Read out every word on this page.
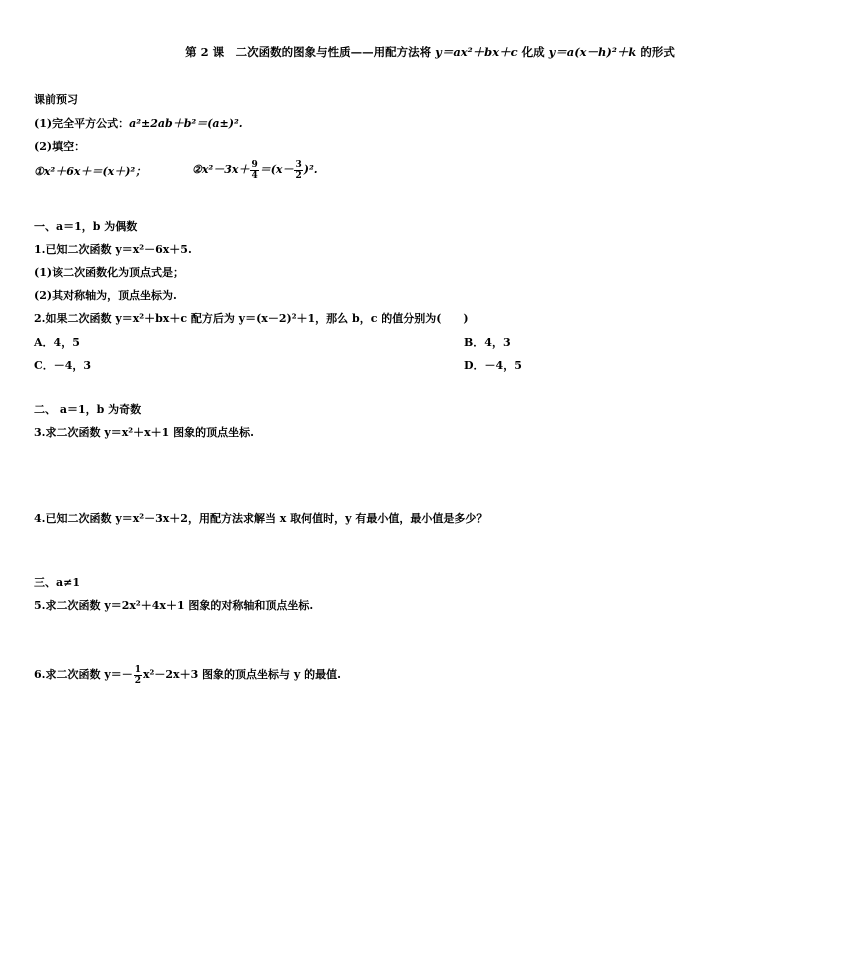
第 2 课　二次函数的图象与性质——用配方法将 y＝ax²＋bx＋c 化成 y＝a(x－h)²＋k 的形式
课前预习
(1)完全平方公式：a²±2ab＋b²＝(a±)².
(2)填空：
①x²＋6x＋＝(x＋)²；	②x²－3x＋ $\frac{9}{4} =(x- \frac{3}{2} )^2$.
一、a＝1，b 为偶数
1.已知二次函数 y＝x²－6x＋5.
(1)该二次函数化为顶点式是；
(2)其对称轴为，顶点坐标为.
2.如果二次函数 y＝x²＋bx＋c 配方后为 y＝(x－2)²＋1，那么 b，c 的值分别为(　　)
A．4，5	B．4，3
C．－4，3	D．－4，5
二、 a＝1，b 为奇数
3.求二次函数 y＝x²＋x＋1 图象的顶点坐标.
4.已知二次函数 y＝x²－3x＋2，用配方法求解当 x 取何值时，y 有最小值，最小值是多少？
三、a≠1
5.求二次函数 y＝2x²＋4x＋1 图象的对称轴和顶点坐标.
6.求二次函数 $y=- \frac{1}{2} x^2-2x+3$ 图象的顶点坐标与 y 的最值.
